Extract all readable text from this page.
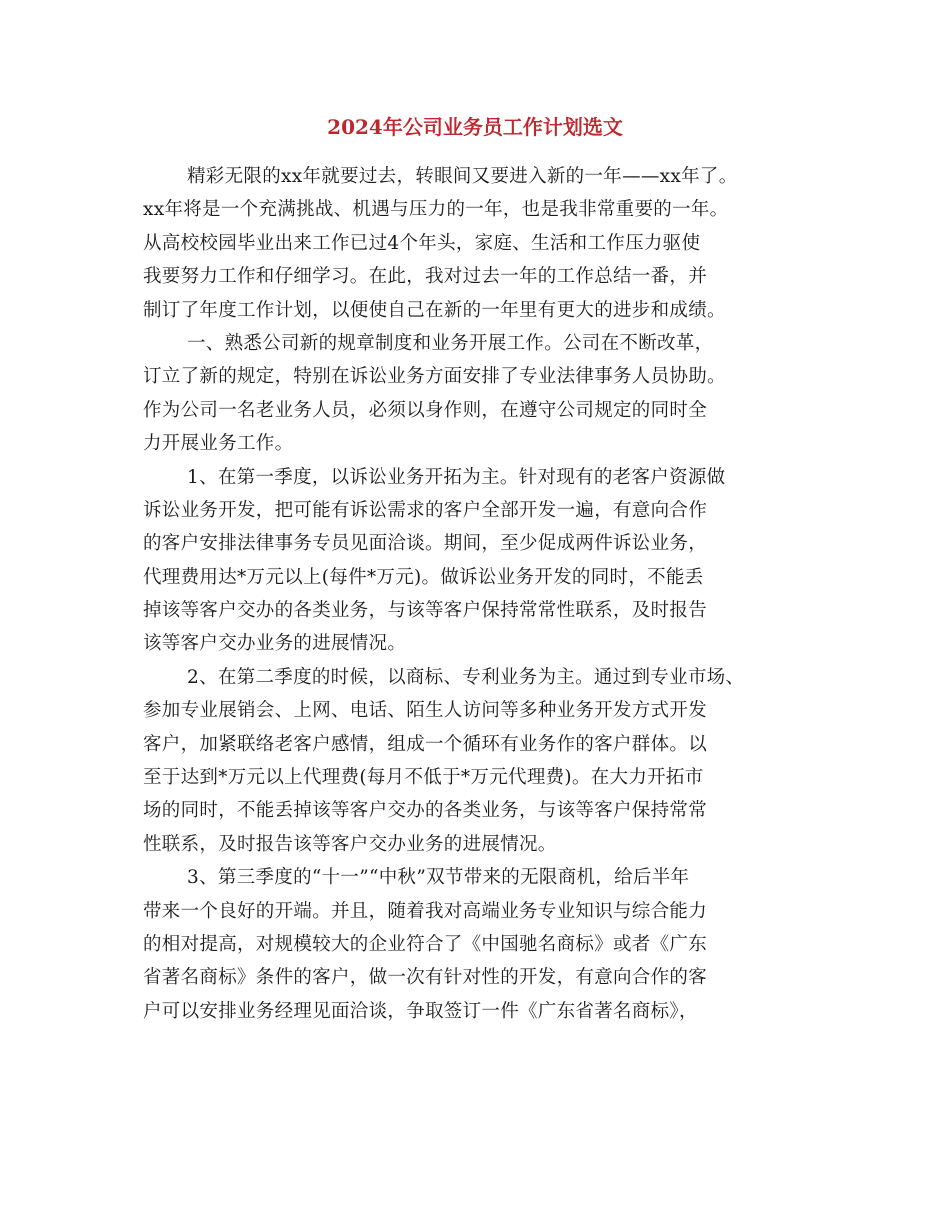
2024年公司业务员工作计划选文
精彩无限的xx年就要过去，转眼间又要进入新的一年——xx年了。
xx年将是一个充满挑战、机遇与压力的一年，也是我非常重要的一年。
从高校校园毕业出来工作已过4个年头，家庭、生活和工作压力驱使
我要努力工作和仔细学习。在此，我对过去一年的工作总结一番，并
制订了年度工作计划，以便使自己在新的一年里有更大的进步和成绩。
一、熟悉公司新的规章制度和业务开展工作。公司在不断改革，
订立了新的规定，特别在诉讼业务方面安排了专业法律事务人员协助。
作为公司一名老业务人员，必须以身作则，在遵守公司规定的同时全
力开展业务工作。
1、在第一季度，以诉讼业务开拓为主。针对现有的老客户资源做
诉讼业务开发，把可能有诉讼需求的客户全部开发一遍，有意向合作
的客户安排法律事务专员见面洽谈。期间，至少促成两件诉讼业务，
代理费用达*万元以上(每件*万元)。做诉讼业务开发的同时，不能丢
掉该等客户交办的各类业务，与该等客户保持常常性联系，及时报告
该等客户交办业务的进展情况。
2、在第二季度的时候，以商标、专利业务为主。通过到专业市场、
参加专业展销会、上网、电话、陌生人访问等多种业务开发方式开发
客户，加紧联络老客户感情，组成一个循环有业务作的客户群体。以
至于达到*万元以上代理费(每月不低于*万元代理费)。在大力开拓市
场的同时，不能丢掉该等客户交办的各类业务，与该等客户保持常常
性联系，及时报告该等客户交办业务的进展情况。
3、第三季度的“十一”“中秋”双节带来的无限商机，给后半年
带来一个良好的开端。并且，随着我对高端业务专业知识与综合能力
的相对提高，对规模较大的企业符合了《中国驰名商标》或者《广东
省著名商标》条件的客户，做一次有针对性的开发，有意向合作的客
户可以安排业务经理见面洽谈，争取签订一件《广东省著名商标》，
